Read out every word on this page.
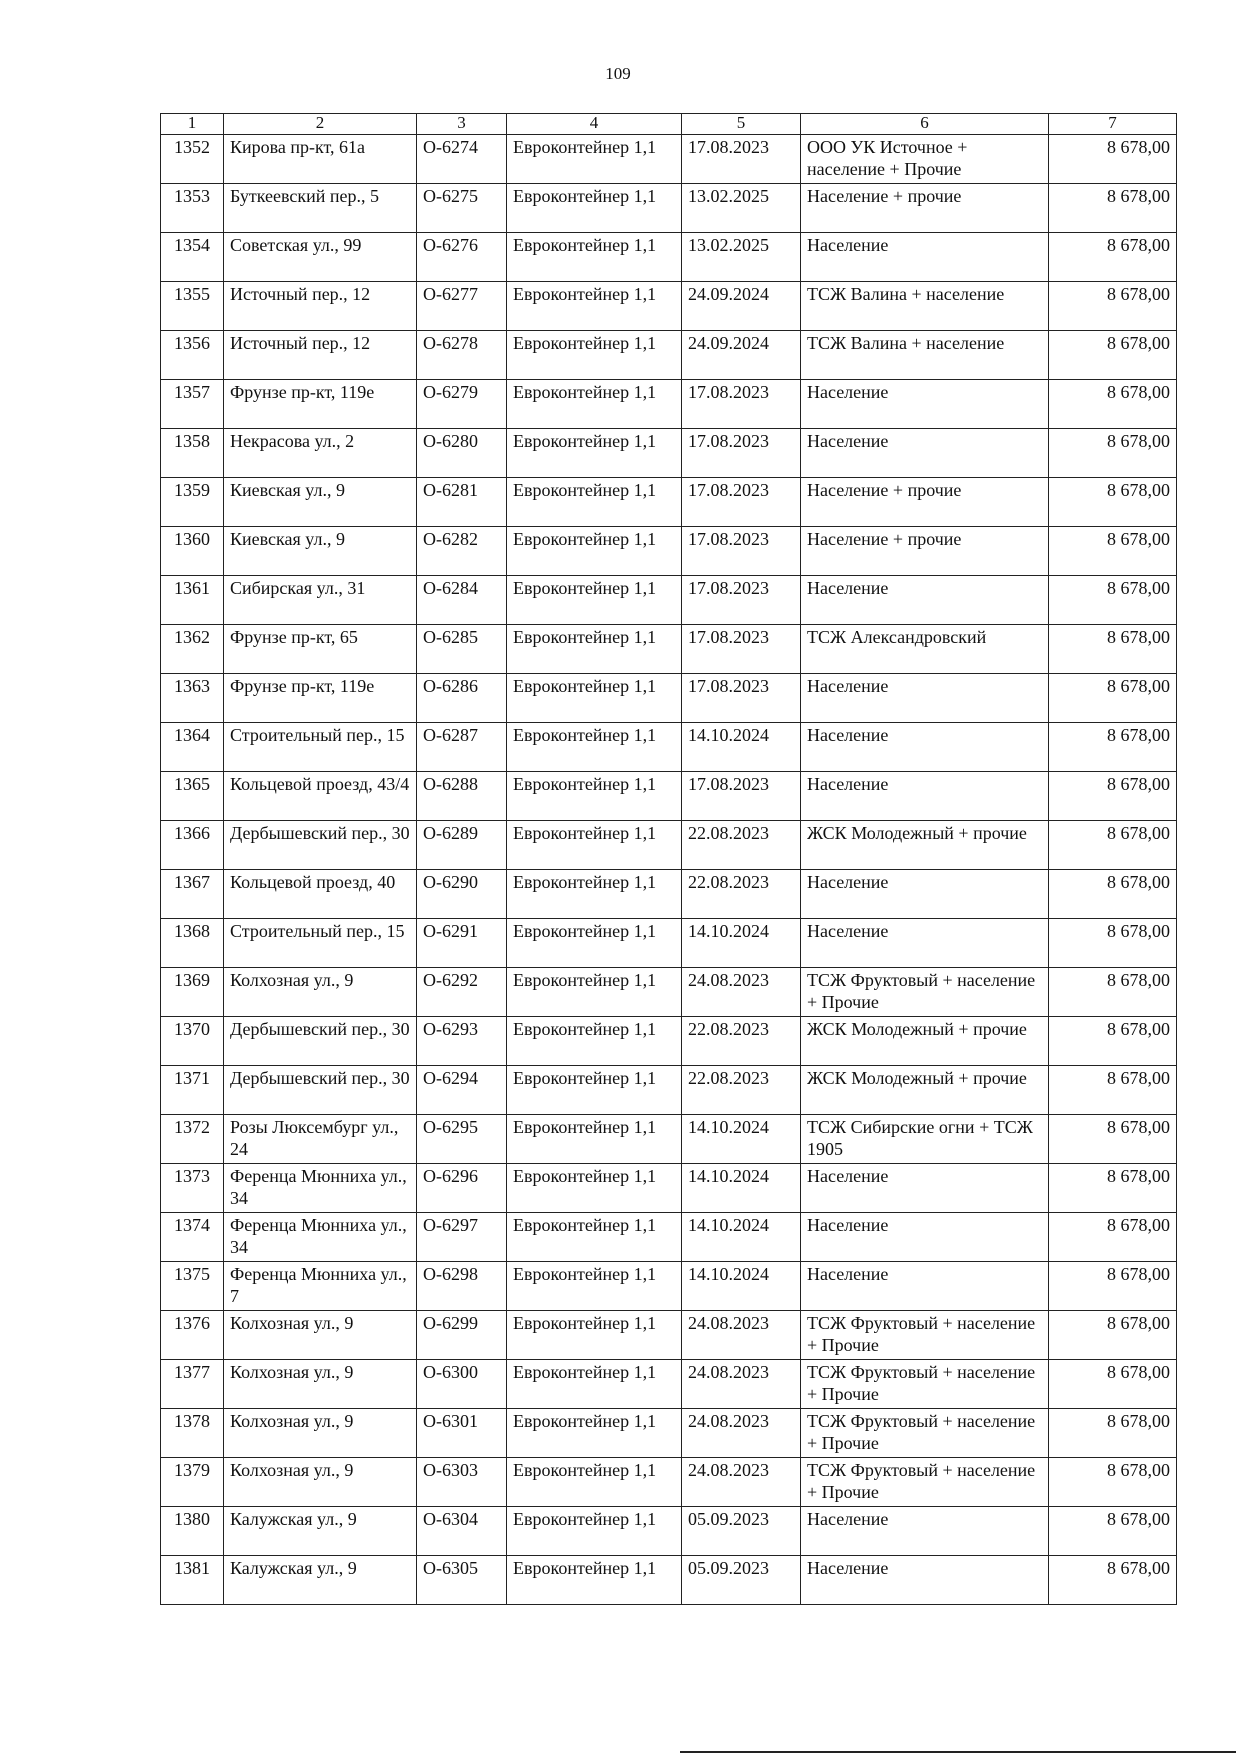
109
1	2	3	4	5	6	7
1352	Кирова пр-кт, 61а	О-6274	Евроконтейнер 1,1	17.08.2023	ООО УК Источное + население + Прочие	8 678,00
1353	Буткеевский пер., 5	О-6275	Евроконтейнер 1,1	13.02.2025	Население + прочие	8 678,00
1354	Советская ул., 99	О-6276	Евроконтейнер 1,1	13.02.2025	Население	8 678,00
1355	Источный пер., 12	О-6277	Евроконтейнер 1,1	24.09.2024	ТСЖ Валина + население	8 678,00
1356	Источный пер., 12	О-6278	Евроконтейнер 1,1	24.09.2024	ТСЖ Валина + население	8 678,00
1357	Фрунзе пр-кт, 119е	О-6279	Евроконтейнер 1,1	17.08.2023	Население	8 678,00
1358	Некрасова ул., 2	О-6280	Евроконтейнер 1,1	17.08.2023	Население	8 678,00
1359	Киевская ул., 9	О-6281	Евроконтейнер 1,1	17.08.2023	Население + прочие	8 678,00
1360	Киевская ул., 9	О-6282	Евроконтейнер 1,1	17.08.2023	Население + прочие	8 678,00
1361	Сибирская ул., 31	О-6284	Евроконтейнер 1,1	17.08.2023	Население	8 678,00
1362	Фрунзе пр-кт, 65	О-6285	Евроконтейнер 1,1	17.08.2023	ТСЖ Александровский	8 678,00
1363	Фрунзе пр-кт, 119е	О-6286	Евроконтейнер 1,1	17.08.2023	Население	8 678,00
1364	Строительный пер., 15	О-6287	Евроконтейнер 1,1	14.10.2024	Население	8 678,00
1365	Кольцевой проезд, 43/4	О-6288	Евроконтейнер 1,1	17.08.2023	Население	8 678,00
1366	Дербышевский пер., 30	О-6289	Евроконтейнер 1,1	22.08.2023	ЖСК Молодежный + прочие	8 678,00
1367	Кольцевой проезд, 40	О-6290	Евроконтейнер 1,1	22.08.2023	Население	8 678,00
1368	Строительный пер., 15	О-6291	Евроконтейнер 1,1	14.10.2024	Население	8 678,00
1369	Колхозная ул., 9	О-6292	Евроконтейнер 1,1	24.08.2023	ТСЖ Фруктовый + население + Прочие	8 678,00
1370	Дербышевский пер., 30	О-6293	Евроконтейнер 1,1	22.08.2023	ЖСК Молодежный + прочие	8 678,00
1371	Дербышевский пер., 30	О-6294	Евроконтейнер 1,1	22.08.2023	ЖСК Молодежный + прочие	8 678,00
1372	Розы Люксембург ул., 24	О-6295	Евроконтейнер 1,1	14.10.2024	ТСЖ Сибирские огни + ТСЖ 1905	8 678,00
1373	Ференца Мюнниха ул., 34	О-6296	Евроконтейнер 1,1	14.10.2024	Население	8 678,00
1374	Ференца Мюнниха ул., 34	О-6297	Евроконтейнер 1,1	14.10.2024	Население	8 678,00
1375	Ференца Мюнниха ул., 7	О-6298	Евроконтейнер 1,1	14.10.2024	Население	8 678,00
1376	Колхозная ул., 9	О-6299	Евроконтейнер 1,1	24.08.2023	ТСЖ Фруктовый + население + Прочие	8 678,00
1377	Колхозная ул., 9	О-6300	Евроконтейнер 1,1	24.08.2023	ТСЖ Фруктовый + население + Прочие	8 678,00
1378	Колхозная ул., 9	О-6301	Евроконтейнер 1,1	24.08.2023	ТСЖ Фруктовый + население + Прочие	8 678,00
1379	Колхозная ул., 9	О-6303	Евроконтейнер 1,1	24.08.2023	ТСЖ Фруктовый + население + Прочие	8 678,00
1380	Калужская ул., 9	О-6304	Евроконтейнер 1,1	05.09.2023	Население	8 678,00
1381	Калужская ул., 9	О-6305	Евроконтейнер 1,1	05.09.2023	Население	8 678,00
